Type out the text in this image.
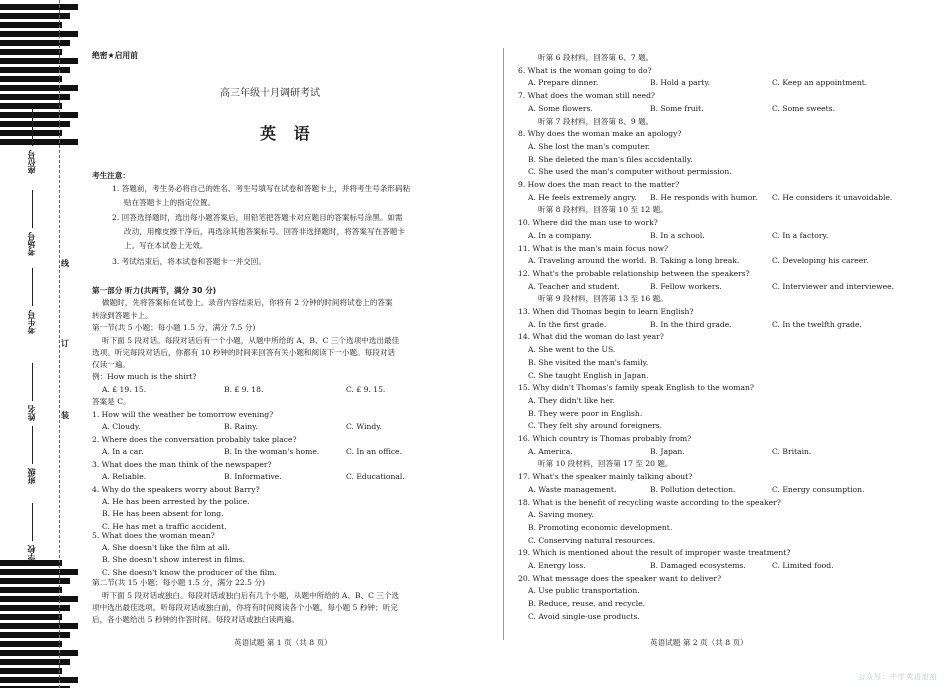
座位号
考场号
考生号
姓名
班级
学校
线
订
装
绝密★启用前
高三年级十月调研考试
英 语
考生注意：
1. 答题前，考生务必将自己的姓名、考生号填写在试卷和答题卡上，并将考生号条形码粘
贴在答题卡上的指定位置。
2. 回答选择题时，选出每小题答案后，用铅笔把答题卡对应题目的答案标号涂黑。如需
改动，用橡皮擦干净后，再选涂其他答案标号。回答非选择题时，将答案写在答题卡
上。写在本试卷上无效。
3. 考试结束后，将本试卷和答题卡一并交回。
第一部分 听力(共两节，满分 30 分)
做题时，先将答案标在试卷上。录音内容结束后，你将有 2 分钟的时间将试卷上的答案
转涂到答题卡上。
第一节(共 5 小题；每小题 1.5 分，满分 7.5 分)
听下面 5 段对话。每段对话后有一个小题，从题中所给的 A、B、C 三个选项中选出最佳
选项。听完每段对话后，你都有 10 秒钟的时间来回答有关小题和阅读下一小题。每段对话
仅读一遍。
例：How much is the shirt?
A. £ 19. 15.	B. £ 9. 18.	C. £ 9. 15.
答案是 C。
第二节(共 15 小题；每小题 1.5 分，满分 22.5 分)
听下面 5 段对话或独白。每段对话或独白后有几个小题，从题中所给的 A、B、C 三个选
项中选出最佳选项。听每段对话或独白前，你将有时间阅读各个小题，每小题 5 秒钟；听完
后，各小题给出 5 秒钟的作答时间。每段对话或独白读两遍。
英语试题 第 1 页（共 8 页）
1. How will the weather be tomorrow evening?
A. Cloudy.	B. Rainy.	C. Windy.
2. Where does the conversation probably take place?
A. In a car.	B. In the woman's home.	C. In an office.
3. What does the man think of the newspaper?
A. Reliable.	B. Informative.	C. Educational.
4. Why do the speakers worry about Barry?
A. He has been arrested by the police.
B. He has been absent for long.
C. He has met a traffic accident.
5. What does the woman mean?
A. She doesn't like the film at all.
B. She doesn't show interest in films.
C. She doesn't know the producer of the film.
英语试题 第 2 页（共 8 页）
听第 6 段材料，回答第 6、7 题。
6. What is the woman going to do?
A. Prepare dinner.	B. Hold a party.	C. Keep an appointment.
7. What does the woman still need?
A. Some flowers.	B. Some fruit.	C. Some sweets.
听第 7 段材料，回答第 8、9 题。
8. Why does the woman make an apology?
A. She lost the man's computer.
B. She deleted the man's files accidentally.
C. She used the man's computer without permission.
9. How does the man react to the matter?
A. He feels extremely angry. B. He responds with humor. C. He considers it unavoidable.
听第 8 段材料，回答第 10 至 12 题。
10. Where did the man use to work?
A. In a company.	B. In a school.	C. In a factory.
11. What is the man's main focus now?
A. Traveling around the world. B. Taking a long break.	C. Developing his career.
12. What's the probable relationship between the speakers?
A. Teacher and student.	B. Fellow workers.	C. Interviewer and interviewee.
听第 9 段材料，回答第 13 至 16 题。
13. When did Thomas begin to learn English?
A. In the first grade.	B. In the third grade.	C. In the twelfth grade.
14. What did the woman do last year?
A. She went to the US.
B. She visited the man's family.
C. She taught English in Japan.
15. Why didn't Thomas's family speak English to the woman?
A. They didn't like her.
B. They were poor in English.
C. They felt shy around foreigners.
16. Which country is Thomas probably from?
A. America.	B. Japan.	C. Britain.
听第 10 段材料，回答第 17 至 20 题。
17. What's the speaker mainly talking about?
A. Waste management.	B. Pollution detection.	C. Energy consumption.
18. What is the benefit of recycling waste according to the speaker?
A. Saving money.
B. Promoting economic development.
C. Conserving natural resources.
19. Which is mentioned about the result of improper waste treatment?
A. Energy loss.	B. Damaged ecosystems.	C. Limited food.
20. What message does the speaker want to deliver?
A. Use public transportation.
B. Reduce, reuse, and recycle.
C. Avoid single-use products.
公众号：中学英语甜甜
